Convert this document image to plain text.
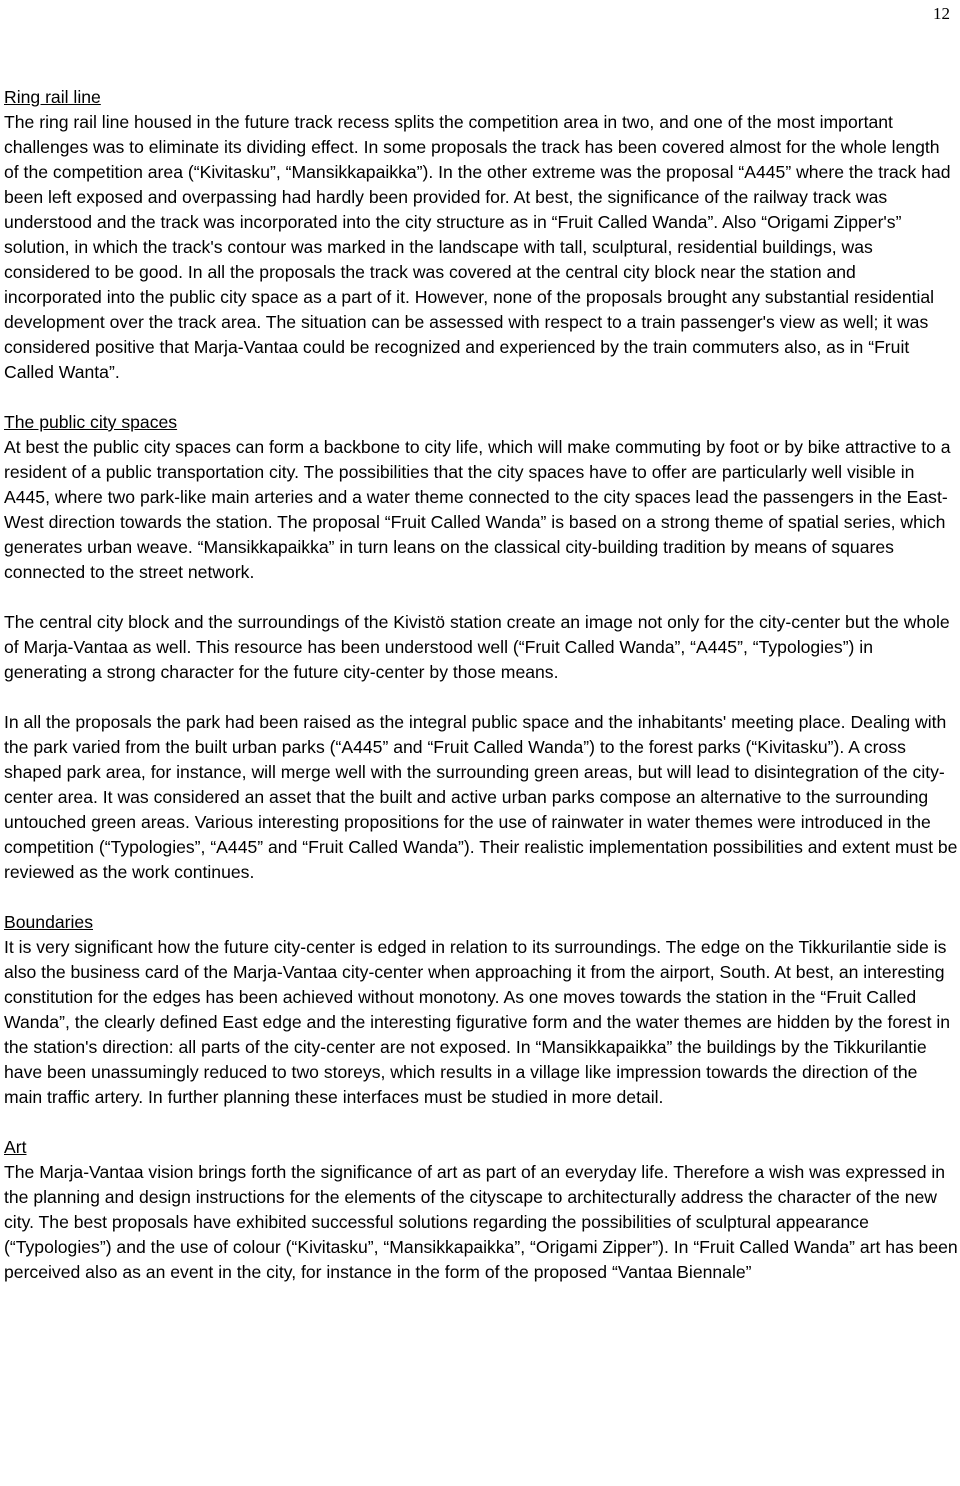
12

Ring rail line

The ring rail line housed in the future track recess splits the competition area in two, and one of the most important challenges was to eliminate its dividing effect. In some proposals the track has been covered almost for the whole length of the competition area (“Kivitasku”, “Mansikkapaikka”). In the other extreme was the proposal “A445” where the track had been left exposed and overpassing had hardly been provided for. At best, the significance of the railway track was understood and the track was incorporated into the city structure as in “Fruit Called Wanda”. Also “Origami Zipper's” solution, in which the track's contour was marked in the landscape with tall, sculptural, residential buildings, was considered to be good. In all the proposals the track was covered at the central city block near the station and incorporated into the public city space as a part of it. However, none of the proposals brought any substantial residential development over the track area. The situation can be assessed with respect to a train passenger's view as well; it was considered positive that Marja-Vantaa could be recognized and experienced by the train commuters also, as in “Fruit Called Wanta”.

The public city spaces

At best the public city spaces can form a backbone to city life, which will make commuting by foot or by bike attractive to a resident of a public transportation city. The possibilities that the city spaces have to offer are particularly well visible in A445, where two park-like main arteries and a water theme connected to the city spaces lead the passengers in the East-West direction towards the station. The proposal “Fruit Called Wanda” is based on a strong theme of spatial series, which generates urban weave. “Mansikkapaikka” in turn leans on the classical city-building tradition by means of squares connected to the street network.

The central city block and the surroundings of the Kivistö station create an image not only for the city-center but the whole of Marja-Vantaa as well. This resource has been understood well (“Fruit Called Wanda”, “A445”, “Typologies”) in generating a strong character for the future city-center by those means.

In all the proposals the park had been raised as the integral public space and the inhabitants' meeting place. Dealing with the park varied from the built urban parks (“A445” and “Fruit Called Wanda”) to the forest parks (“Kivitasku”). A cross shaped park area, for instance, will merge well with the surrounding green areas, but will lead to disintegration of the city-center area. It was considered an asset that the built and active urban parks compose an alternative to the surrounding untouched green areas. Various interesting propositions for the use of rainwater in water themes were introduced in the competition (“Typologies”, “A445” and “Fruit Called Wanda”). Their realistic implementation possibilities and extent must be reviewed as the work continues.

Boundaries

It is very significant how the future city-center is edged in relation to its surroundings. The edge on the Tikkurilantie side is also the business card of the Marja-Vantaa city-center when approaching it from the airport, South. At best, an interesting constitution for the edges has been achieved without monotony. As one moves towards the station in the “Fruit Called Wanda”, the clearly defined East edge and the interesting figurative form and the water themes are hidden by the forest in the station's direction: all parts of the city-center are not exposed. In “Mansikkapaikka” the buildings by the Tikkurilantie have been unassumingly reduced to two storeys, which results in a village like impression towards the direction of the main traffic artery. In further planning these interfaces must be studied in more detail.

Art

The Marja-Vantaa vision brings forth the significance of art as part of an everyday life. Therefore a wish was expressed in the planning and design instructions for the elements of the cityscape to architecturally address the character of the new city. The best proposals have exhibited successful solutions regarding the possibilities of sculptural appearance (“Typologies”) and the use of colour (“Kivitasku”, “Mansikkapaikka”, “Origami Zipper”). In “Fruit Called Wanda” art has been perceived also as an event in the city, for instance in the form of the proposed “Vantaa Biennale”
